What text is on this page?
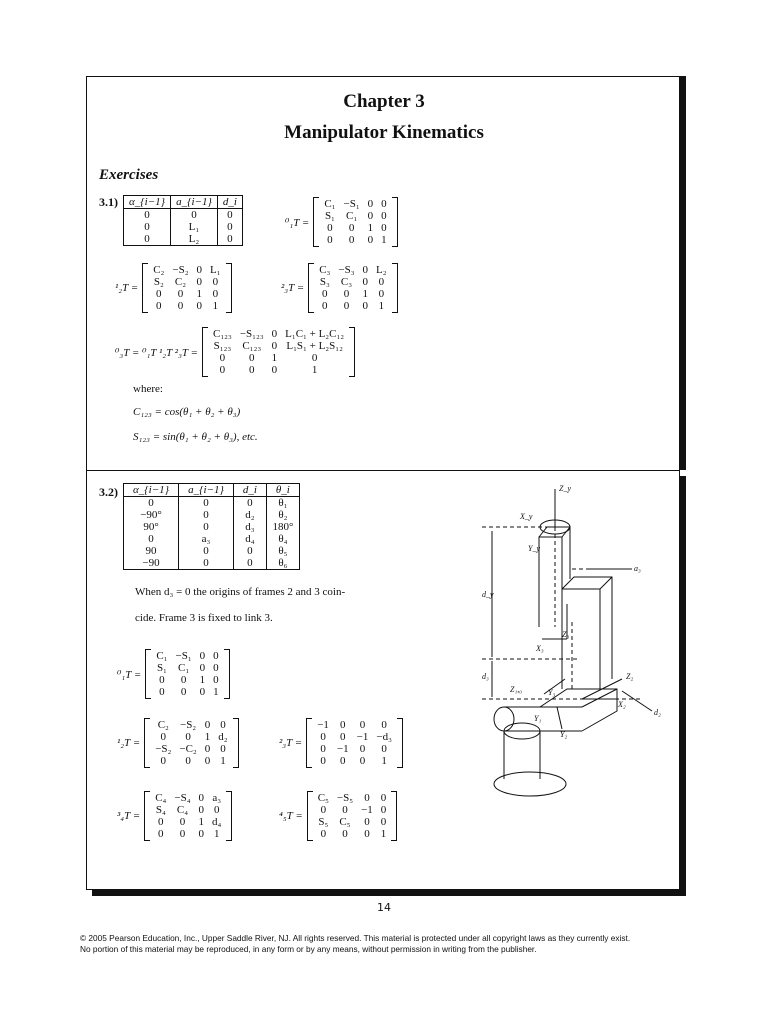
Chapter 3
Manipulator Kinematics
Exercises
3.1) α_{i−1}	a_{i−1}	d_i
0	0	0
0	L₁	0
0	L₂	0
⁰₁T =
C₁	−S₁	0	0
S₁	C₁	0	0
0	0	1	0
0	0	0	1
¹₂T =
C₂	−S₂	0	L₁
S₂	C₂	0	0
0	0	1	0
0	0	0	1
²₃T =
C₃	−S₃	0	L₂
S₃	C₃	0	0
0	0	1	0
0	0	0	1
⁰₃T = ⁰₁T ¹₂T ²₃T =
C₁₂₃	−S₁₂₃	0	L₁C₁ + L₂C₁₂
S₁₂₃	C₁₂₃	0	L₁S₁ + L₂S₁₂
0	0	1	0
0	0	0	1
where:
C₁₂₃ = cos(θ₁ + θ₂ + θ₃)
S₁₂₃ = sin(θ₁ + θ₂ + θ₃), etc.
3.2) α_{i−1}	a_{i−1}	d_i	θ_i
0	0	0	θ₁
−90°	0	d₂	θ₂
90°	0	d₃	180°
0	a₃	d₄	θ₄
90	0	0	θ₅
−90	0	0	θ₆
When d₃ = 0 the origins of frames 2 and 3 coin-
cide. Frame 3 is fixed to link 3.
⁰₁T =
C₁	−S₁	0	0
S₁	C₁	0	0
0	0	1	0
0	0	0	1
¹₂T =
C₂	−S₂	0	0
0	0	1	d₂
−S₂	−C₂	0	0
0	0	0	1
²₃T =
−1	0	0	0
0	0	−1	−d₃
0	−1	0	0
0	0	0	1
³₄T =
C₄	−S₄	0	a₃
S₄	C₄	0	0
0	0	1	d₄
0	0	0	1
⁴₅T =
C₅	−S₅	0	0
0	0	−1	0
S₅	C₅	0	0
0	0	0	1
Z_y
X_y
Y_y
a₃
d_y
Z₃
X₃
Y₃
d₃
Z₁,₀
Z₂
X₂
Y₁
Y₂
d₂
14
© 2005 Pearson Education, Inc., Upper Saddle River, NJ. All rights reserved. This material is protected under all copyright laws as they currently exist.
No portion of this material may be reproduced, in any form or by any means, without permission in writing from the publisher.
